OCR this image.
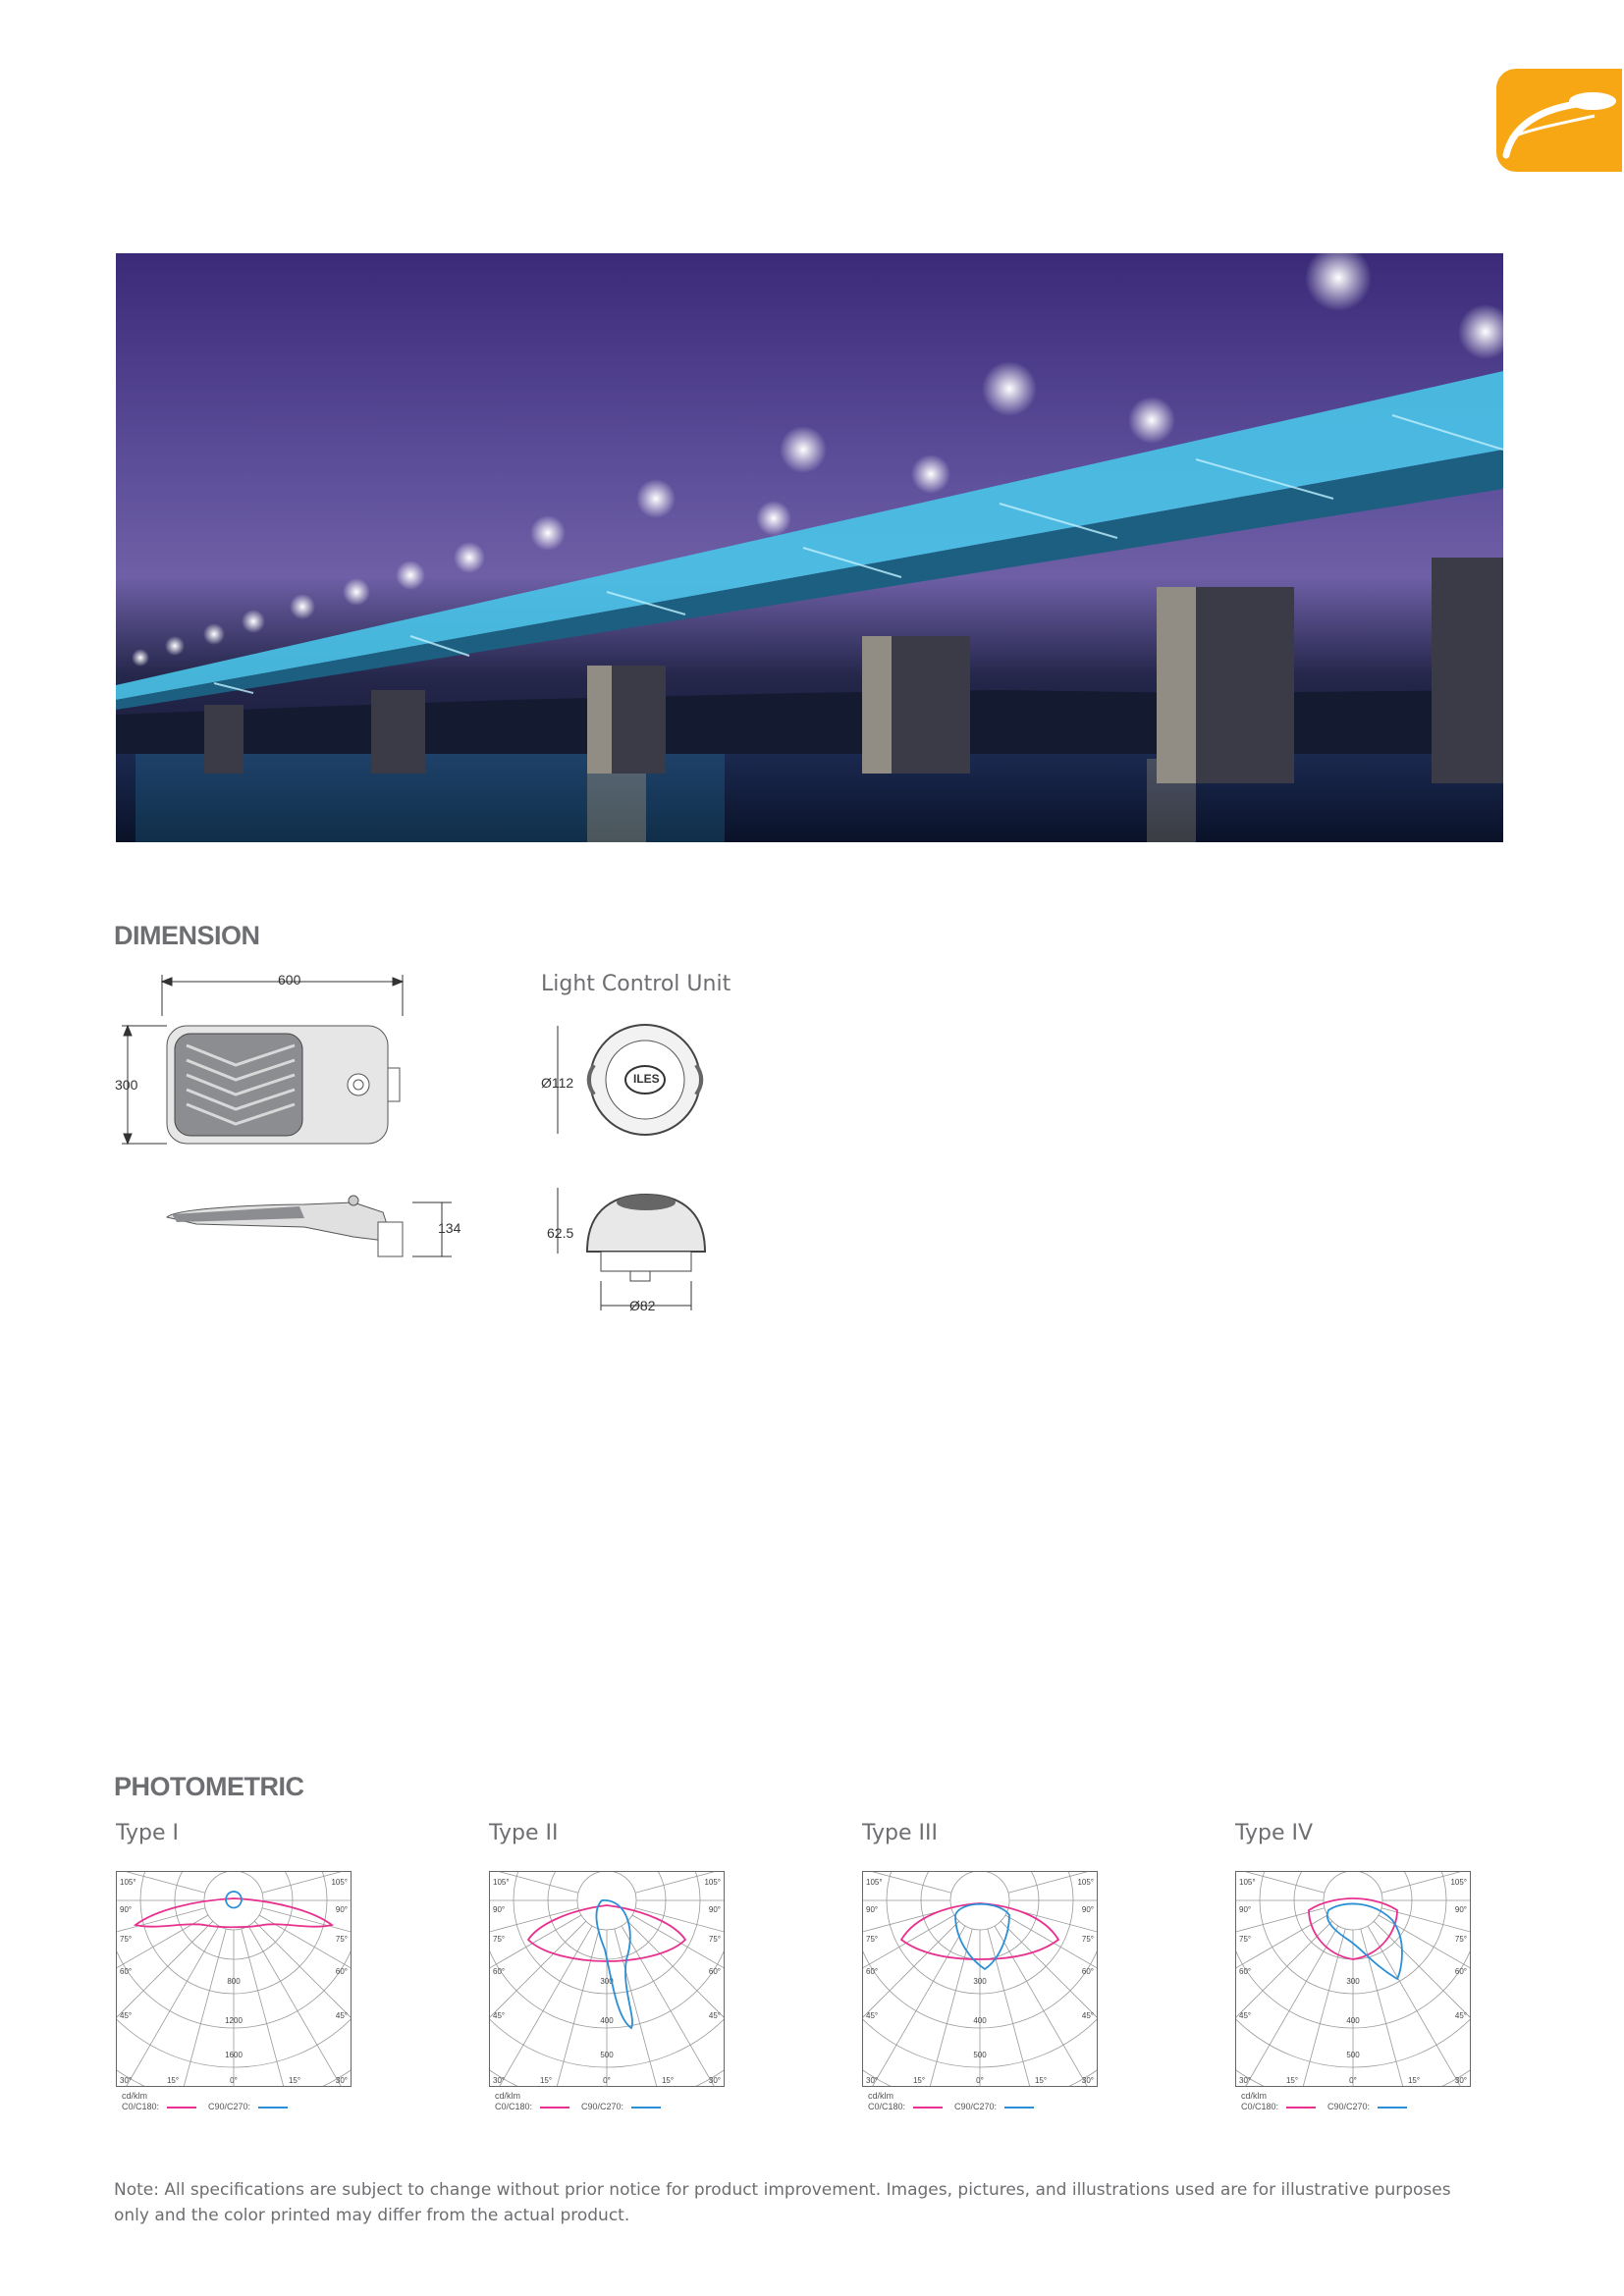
DIMENSION
Light Control Unit
600
300
134
ILES
Ø112
62.5
Ø82
PHOTOMETRIC
Type I
105°	105°
90°	90°
75°	75°
60°	60°
45°	45°
30°	30°
15°	0°	15°
800
1200
1600
cd/klm
C0/C180:	C90/C270:
Type II
105°	105°
90°	90°
75°	75°
60°	60°
45°	45°
30°	30°
15°	0°	15°
300
400
500
cd/klm
C0/C180:	C90/C270:
Type III
105°	105°
90°	90°
75°	75°
60°	60°
45°	45°
30°	30°
15°	0°	15°
300
400
500
cd/klm
C0/C180:	C90/C270:
Type IV
105°	105°
90°	90°
75°	75°
60°	60°
45°	45°
30°	30°
15°	0°	15°
300
400
500
cd/klm
C0/C180:	C90/C270:
Note: All specifications are subject to change without prior notice for product improvement. Images, pictures, and illustrations used are for illustrative purposes only and the color printed may differ from the actual product.
